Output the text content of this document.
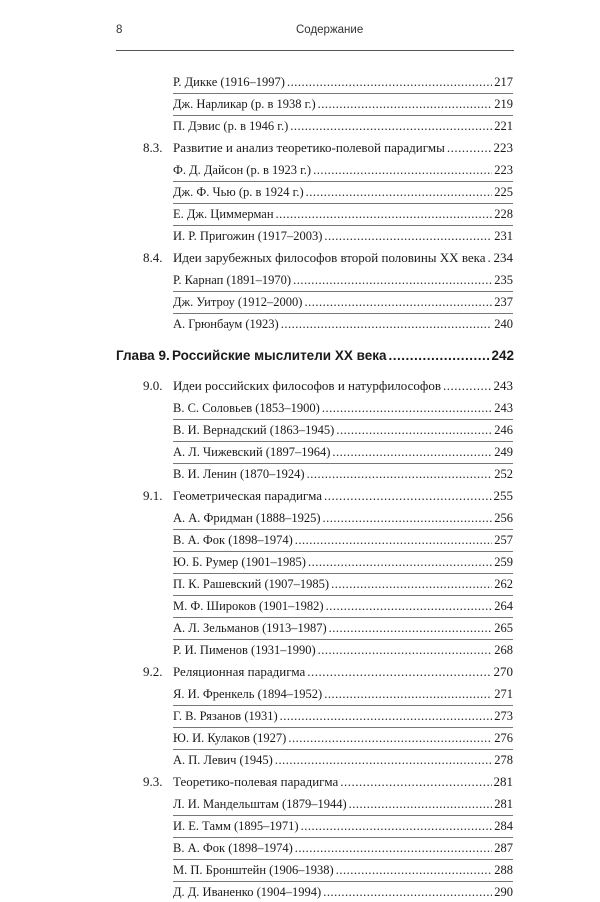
8	Содержание
Р. Дикке (1916–1997) .....	217
Дж. Нарликар (р. в 1938 г.) .....	219
П. Дэвис (р. в 1946 г.) .....	221
8.3. Развитие и анализ теоретико-полевой парадигмы .....	223
Ф. Д. Дайсон (р. в 1923 г.) .....	223
Дж. Ф. Чью (р. в 1924 г.) .....	225
Е. Дж. Циммерман .....	228
И. Р. Пригожин (1917–2003) .....	231
8.4. Идеи зарубежных философов второй половины ХХ века ..... 234
Р. Карнап (1891–1970) .....	235
Дж. Уитроу (1912–2000) .....	237
А. Грюнбаум (1923) .....	240
Глава 9. Российские мыслители ХХ века .....	242
9.0. Идеи российских философов и натурфилософов .....	243
В. С. Соловьев (1853–1900) .....	243
В. И. Вернадский (1863–1945) .....	246
А. Л. Чижевский (1897–1964) .....	249
В. И. Ленин (1870–1924) .....	252
9.1. Геометрическая парадигма .....	255
А. А. Фридман (1888–1925) .....	256
В. А. Фок (1898–1974) .....	257
Ю. Б. Румер (1901–1985) .....	259
П. К. Рашевский (1907–1985) .....	262
М. Ф. Широков (1901–1982) .....	264
А. Л. Зельманов (1913–1987) .....	265
Р. И. Пименов (1931–1990) .....	268
9.2. Реляционная парадигма .....	270
Я. И. Френкель (1894–1952) .....	271
Г. В. Рязанов (1931) .....	273
Ю. И. Кулаков (1927) .....	276
А. П. Левич (1945) .....	278
9.3. Теоретико-полевая парадигма .....	281
Л. И. Мандельштам (1879–1944) .....	281
И. Е. Тамм (1895–1971) .....	284
В. А. Фок (1898–1974) .....	287
М. П. Бронштейн (1906–1938) .....	288
Д. Д. Иваненко (1904–1994) .....	290
